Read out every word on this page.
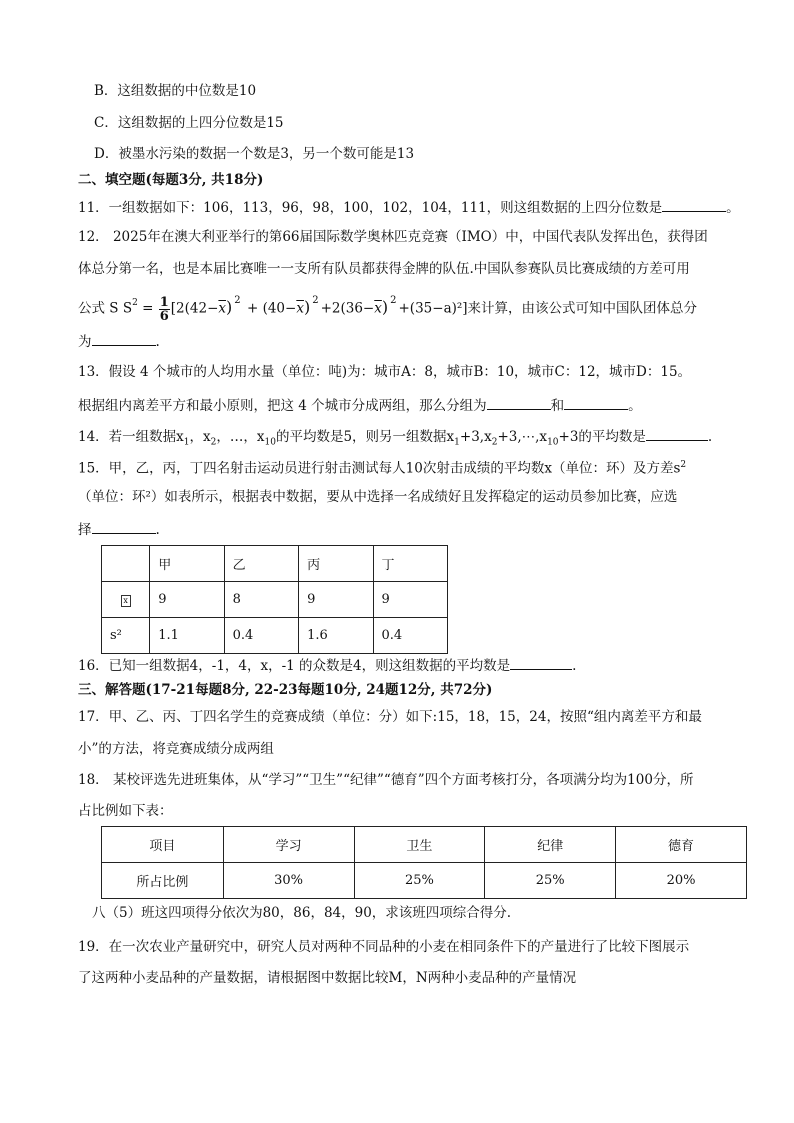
B．这组数据的中位数是10
C．这组数据的上四分位数是15
D．被墨水污染的数据一个数是3，另一个数可能是13
二、填空题(每题3分, 共18分)
11．一组数据如下：106，113，96，98，100，102，104，111，则这组数据的上四分位数是	。
12． 2025年在澳大利亚举行的第66届国际数学奥林匹克竞赛（IMO）中，中国代表队发挥出色，获得团
体总分第一名，也是本届比赛唯一一支所有队员都获得金牌的队伍.中国队参赛队员比赛成绩的方差可用
公式 S $S^2 = \frac{1}{6} [2(42-\overline{x}) ^2 + (40-\overline{x})$ $^2+2(36-\overline{x})$ $^2$+(35−a)²]来计算，由该公式可知中国队团体总分
为	.
13．假设 4 个城市的人均用水量（单位：吨)为：城市A：8，城市B：10，城市C：12，城市D：15。
根据组内离差平方和最小原则，把这 4 个城市分成两组，那么分组为	和	。
14．若一组数据$x_1$，$x_2$，…，$x_{10}$的平均数是5，则另一组数据$x_1+3,x_2+3,\cdots,x_{10}+3$的平均数是	.
15．甲，乙，丙，丁四名射击运动员进行射击测试每人10次射击成绩的平均数x（单位：环）及方差$s^2$
（单位：环²）如表所示，根据表中数据，要从中选择一名成绩好且发挥稳定的运动员参加比赛，应选
择	.
	甲	乙	丙	丁
x	9	8	9	9
s²	1.1	0.4	1.6	0.4
16．已知一组数据4，-1，4，x，-1 的众数是4，则这组数据的平均数是	.
三、解答题(17-21每题8分, 22-23每题10分, 24题12分, 共72分)
17．甲、乙、丙、丁四名学生的竞赛成绩（单位：分）如下:15，18，15，24，按照“组内离差平方和最
小”的方法，将竞赛成绩分成两组
18． 某校评选先进班集体，从“学习”“卫生”“纪律”“德育”四个方面考核打分，各项满分均为100分，所
占比例如下表：
项目	学习	卫生	纪律	德育
所占比例	30%	25%	25%	20%
八（5）班这四项得分依次为80，86，84，90，求该班四项综合得分.
19．在一次农业产量研究中，研究人员对两种不同品种的小麦在相同条件下的产量进行了比较下图展示
了这两种小麦品种的产量数据，请根据图中数据比较M，N两种小麦品种的产量情况
